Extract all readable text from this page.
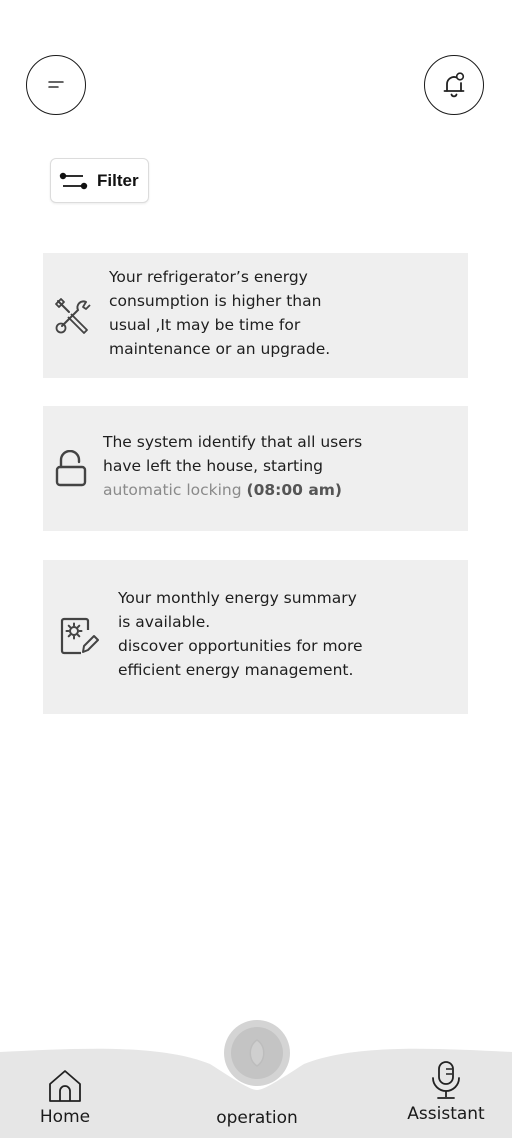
Filter
Your refrigerator’s energy
consumption is higher than
usual ,It may be time for
maintenance or an upgrade.
The system identify that all users
have left the house, starting
automatic locking (08:00 am)
Your monthly energy summary
is available.
discover opportunities for more
efficient energy management.
Home	operation	Assistant
